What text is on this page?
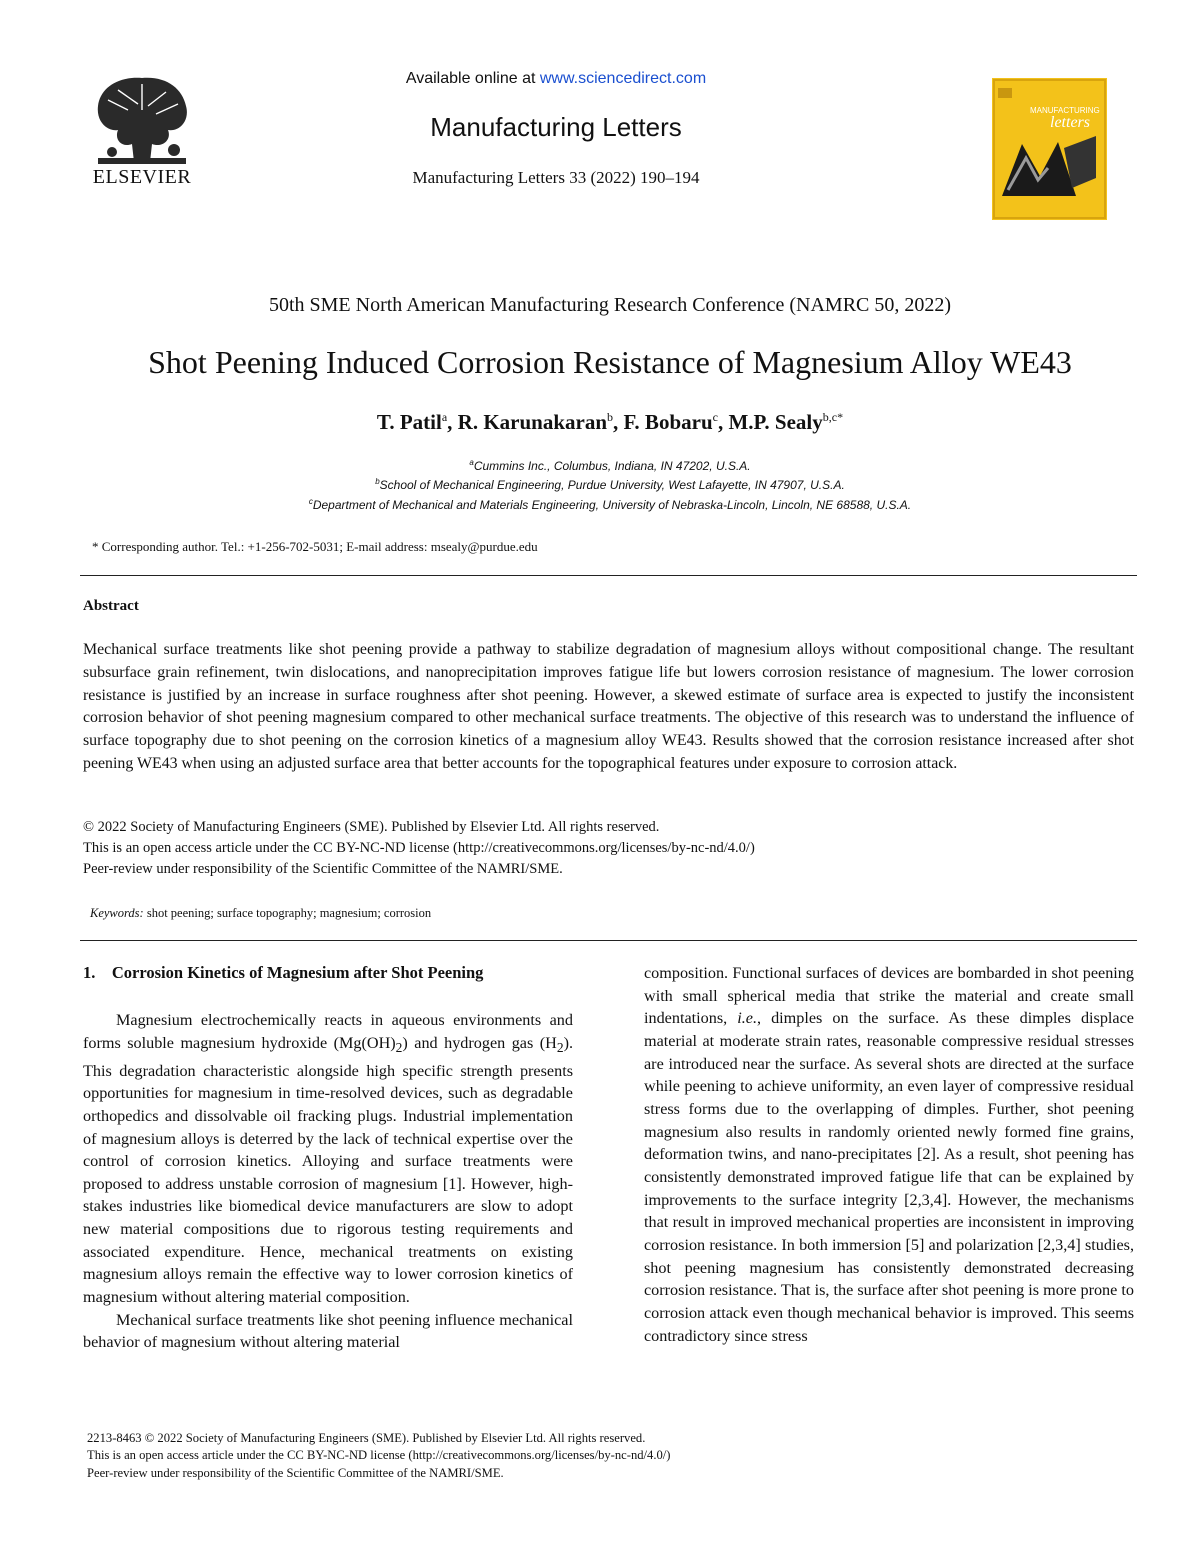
ELSEVIER
Available online at www.sciencedirect.com
Manufacturing Letters
Manufacturing Letters 33 (2022) 190–194
MANUFACTURING
letters
50th SME North American Manufacturing Research Conference (NAMRC 50, 2022)
Shot Peening Induced Corrosion Resistance of Magnesium Alloy WE43
T. Patil$^a$, R. Karunakaran$^b$, F. Bobaru$^c$, M.P. Sealy$^{b,c*}$
$^a$Cummins Inc., Columbus, Indiana, IN 47202, U.S.A.
$^b$School of Mechanical Engineering, Purdue University, West Lafayette, IN 47907, U.S.A.
$^c$Department of Mechanical and Materials Engineering, University of Nebraska-Lincoln, Lincoln, NE 68588, U.S.A.
* Corresponding author. Tel.: +1-256-702-5031; E-mail address: msealy@purdue.edu
Abstract
Mechanical surface treatments like shot peening provide a pathway to stabilize degradation of magnesium alloys without compositional change. The resultant subsurface grain refinement, twin dislocations, and nanoprecipitation improves fatigue life but lowers corrosion resistance of magnesium. The lower corrosion resistance is justified by an increase in surface roughness after shot peening. However, a skewed estimate of surface area is expected to justify the inconsistent corrosion behavior of shot peening magnesium compared to other mechanical surface treatments. The objective of this research was to understand the influence of surface topography due to shot peening on the corrosion kinetics of a magnesium alloy WE43. Results showed that the corrosion resistance increased after shot peening WE43 when using an adjusted surface area that better accounts for the topographical features under exposure to corrosion attack.
© 2022 Society of Manufacturing Engineers (SME). Published by Elsevier Ltd. All rights reserved.
This is an open access article under the CC BY-NC-ND license (http://creativecommons.org/licenses/by-nc-nd/4.0/)
Peer-review under responsibility of the Scientific Committee of the NAMRI/SME.
Keywords: shot peening; surface topography; magnesium; corrosion
1.    Corrosion Kinetics of Magnesium after Shot Peening

Magnesium electrochemically reacts in aqueous environments and forms soluble magnesium hydroxide $(Mg(OH)_2)$ and hydrogen gas $(H_2)$. This degradation characteristic alongside high specific strength presents opportunities for magnesium in time-resolved devices, such as degradable orthopedics and dissolvable oil fracking plugs. Industrial implementation of magnesium alloys is deterred by the lack of technical expertise over the control of corrosion kinetics. Alloying and surface treatments were proposed to address unstable corrosion of magnesium [1]. However, high-stakes industries like biomedical device manufacturers are slow to adopt new material compositions due to rigorous testing requirements and associated expenditure. Hence, mechanical treatments on existing magnesium alloys remain the effective way to lower corrosion kinetics of magnesium without altering material composition.

Mechanical surface treatments like shot peening influence mechanical behavior of magnesium without altering material

composition. Functional surfaces of devices are bombarded in shot peening with small spherical media that strike the material and create small indentations, i.e., dimples on the surface. As these dimples displace material at moderate strain rates, reasonable compressive residual stresses are introduced near the surface. As several shots are directed at the surface while peening to achieve uniformity, an even layer of compressive residual stress forms due to the overlapping of dimples. Further, shot peening magnesium also results in randomly oriented newly formed fine grains, deformation twins, and nano-precipitates [2]. As a result, shot peening has consistently demonstrated improved fatigue life that can be explained by improvements to the surface integrity [2,3,4]. However, the mechanisms that result in improved mechanical properties are inconsistent in improving corrosion resistance. In both immersion [5] and polarization [2,3,4] studies, shot peening magnesium has consistently demonstrated decreasing corrosion resistance. That is, the surface after shot peening is more prone to corrosion attack even though mechanical behavior is improved. This seems contradictory since stress

2213-8463 © 2022 Society of Manufacturing Engineers (SME). Published by Elsevier Ltd. All rights reserved.
This is an open access article under the CC BY-NC-ND license (http://creativecommons.org/licenses/by-nc-nd/4.0/)
Peer-review under responsibility of the Scientific Committee of the NAMRI/SME.
